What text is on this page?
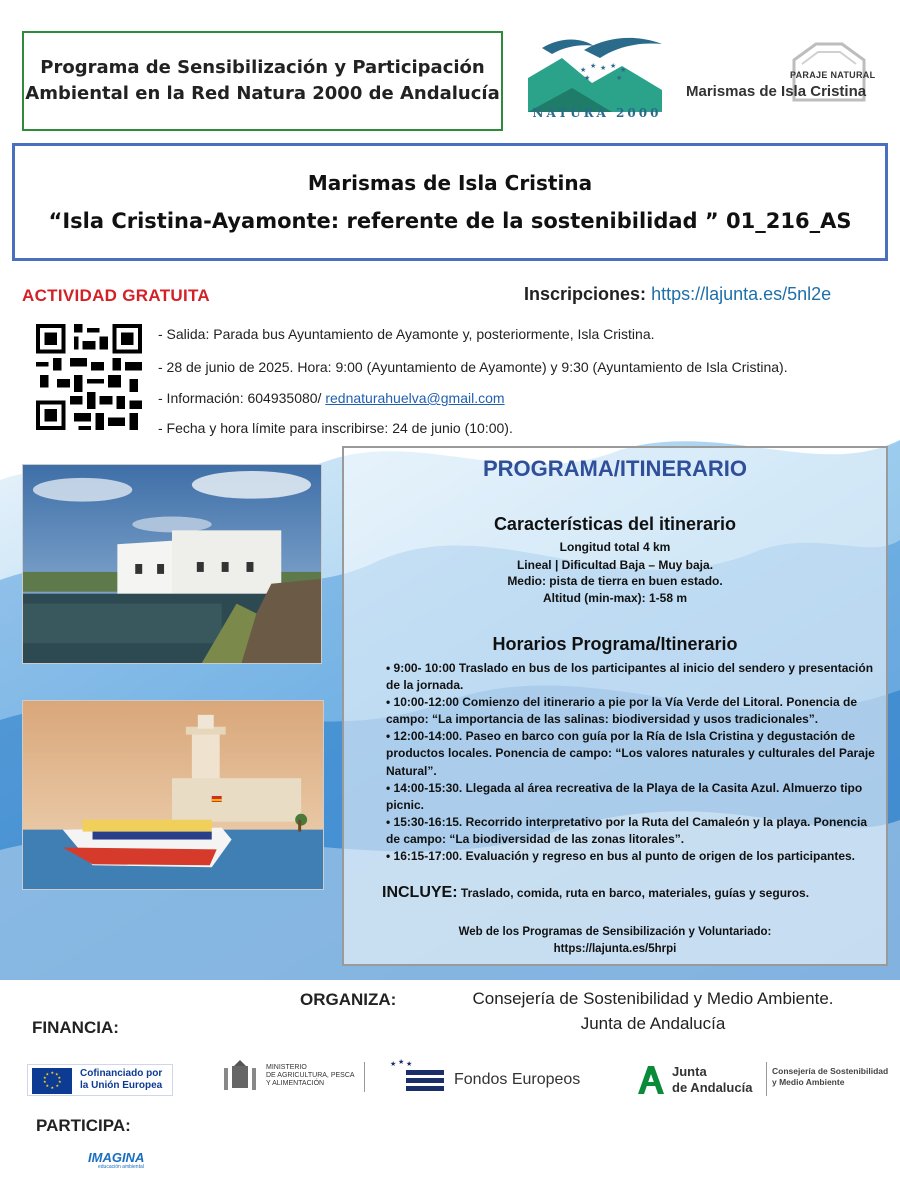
Programa de Sensibilización y Participación
Ambiental en la Red Natura 2000 de Andalucía
★ ★ ★ ★ ★
★	★
NATURA 2000
PARAJE NATURAL
Marismas de Isla Cristina
Marismas de Isla Cristina
“Isla Cristina-Ayamonte: referente de la sostenibilidad ” 01_216_AS
ACTIVIDAD GRATUITA	Inscripciones: https://lajunta.es/5nl2e
- Salida: Parada bus Ayuntamiento de Ayamonte y, posteriormente, Isla Cristina.
- 28 de junio de 2025. Hora: 9:00 (Ayuntamiento de Ayamonte) y 9:30 (Ayuntamiento de Isla Cristina).
- Información: 604935080/ rednaturahuelva@gmail.com
- Fecha y hora límite para inscribirse: 24 de junio (10:00).
PROGRAMA/ITINERARIO
Características del itinerario
Longitud total 4 km
Lineal | Dificultad Baja – Muy baja.
Medio: pista de tierra en buen estado.
Altitud (min-max): 1-58 m
Horarios Programa/Itinerario
• 9:00- 10:00 Traslado en bus de los participantes al inicio del sendero y presentación de la jornada.
• 10:00-12:00 Comienzo del itinerario a pie por la Vía Verde del Litoral. Ponencia de campo: “La importancia de las salinas: biodiversidad y usos tradicionales”.
• 12:00-14:00. Paseo en barco con guía por la Ría de Isla Cristina y degustación de productos locales. Ponencia de campo: “Los valores naturales y culturales del Paraje Natural”.
• 14:00-15:30. Llegada al área recreativa de la Playa de la Casita Azul. Almuerzo tipo picnic.
• 15:30-16:15. Recorrido interpretativo por la Ruta del Camaleón y la playa. Ponencia de campo: “La biodiversidad de las zonas litorales”.
• 16:15-17:00. Evaluación y regreso en bus al punto de origen de los participantes.
INCLUYE: Traslado, comida, ruta en barco, materiales, guías y seguros.
Web de los Programas de Sensibilización y Voluntariado:
https://lajunta.es/5hrpi
ORGANIZA:	Consejería de Sostenibilidad y Medio Ambiente.
Junta de Andalucía
FINANCIA:
★ ★
★
★
★
★
★
★
★
★	Cofinanciado por
la Unión Europea
MINISTERIO
DE AGRICULTURA, PESCA
Y ALIMENTACIÓN
★ ★ ★
Fondos Europeos	Junta
de Andalucía
Consejería de Sostenibilidad
y Medio Ambiente
PARTICIPA:
IMAGINA
educación ambiental
